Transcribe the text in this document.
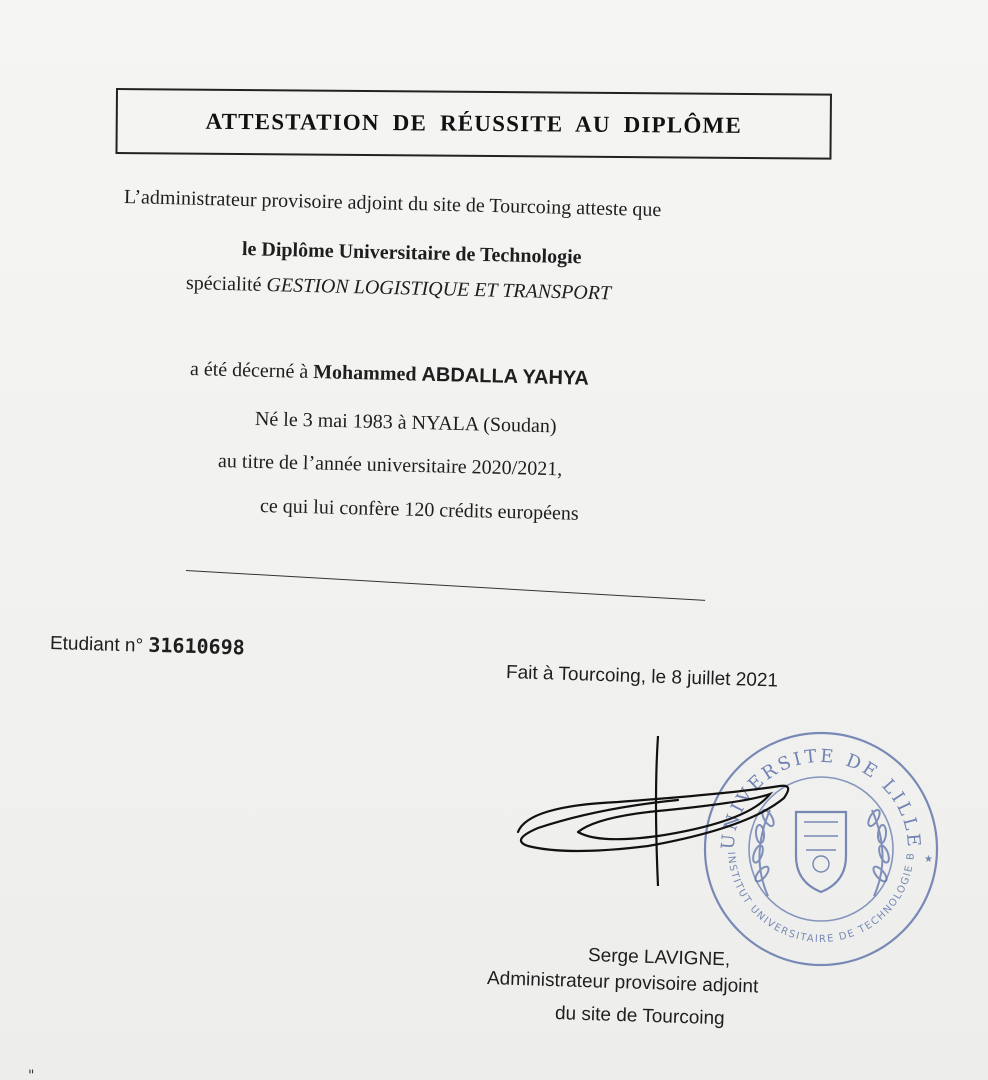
ATTESTATION DE RÉUSSITE AU DIPLÔME
L’administrateur provisoire adjoint du site de Tourcoing atteste que
le Diplôme Universitaire de Technologie
spécialité GESTION LOGISTIQUE ET TRANSPORT
a été décerné à Mohammed ABDALLA YAHYA
Né le 3 mai 1983 à NYALA (Soudan)
au titre de l’année universitaire 2020/2021,
ce qui lui confère 120 crédits européens
Etudiant n° 31610698
Fait à Tourcoing, le 8 juillet 2021
UNIVERSITE DE LILLE
INSTITUT UNIVERSITAIRE DE TECHNOLOGIE B ★
Serge LAVIGNE,
Administrateur provisoire adjoint
du site de Tourcoing
"
